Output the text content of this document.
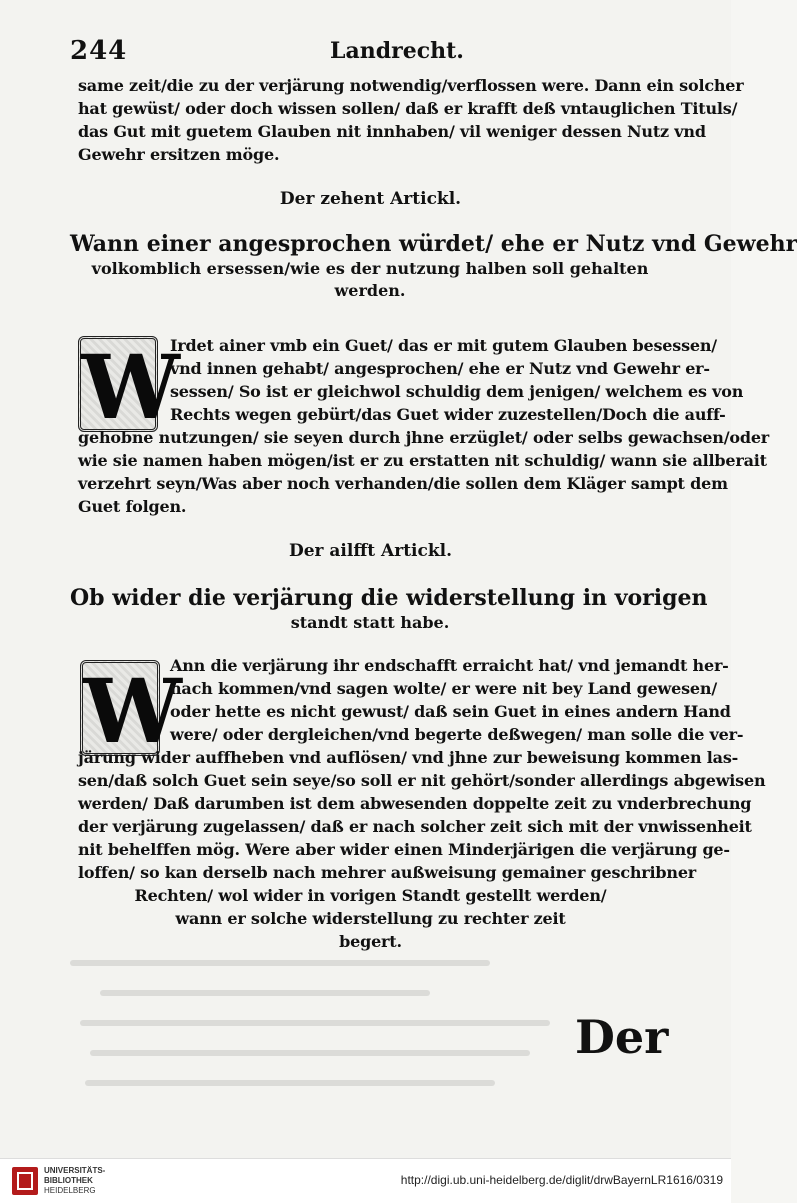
244	Landrecht.
same zeit/die zu der verjärung notwendig/verflossen were. Dann ein solcher
hat gewüst/ oder doch wissen sollen/ daß er krafft deß vntauglichen Tituls/
das Gut mit guetem Glauben nit innhaben/ vil weniger dessen Nutz vnd
Gewehr ersitzen möge.
Der zehent Artickl.
Wann einer angesprochen würdet/ ehe er Nutz vnd Gewehr
volkomblich ersessen/wie es der nutzung halben soll gehalten
werden.
W
Irdet ainer vmb ein Guet/ das er mit gutem Glauben besessen/
vnd innen gehabt/ angesprochen/ ehe er Nutz vnd Gewehr er-
sessen/ So ist er gleichwol schuldig dem jenigen/ welchem es von
Rechts wegen gebürt/das Guet wider zuzestellen/Doch die auff-
gehobne nutzungen/ sie seyen durch jhne erzüglet/ oder selbs gewachsen/oder
wie sie namen haben mögen/ist er zu erstatten nit schuldig/ wann sie allberait
verzehrt seyn/Was aber noch verhanden/die sollen dem Kläger sampt dem
Guet folgen.
Der ailfft Artickl.
Ob wider die verjärung die widerstellung in vorigen
standt statt habe.
W
Ann die verjärung ihr endschafft erraicht hat/ vnd jemandt her-
nach kommen/vnd sagen wolte/ er were nit bey Land gewesen/
oder hette es nicht gewust/ daß sein Guet in eines andern Hand
were/ oder dergleichen/vnd begerte deßwegen/ man solle die ver-
järung wider auffheben vnd auflösen/ vnd jhne zur beweisung kommen las-
sen/daß solch Guet sein seye/so soll er nit gehört/sonder allerdings abgewisen
werden/ Daß darumben ist dem abwesenden doppelte zeit zu vnderbrechung
der verjärung zugelassen/ daß er nach solcher zeit sich mit der vnwissenheit
nit behelffen mög. Were aber wider einen Minderjärigen die verjärung ge-
loffen/ so kan derselb nach mehrer außweisung gemainer geschribner
Rechten/ wol wider in vorigen Standt gestellt werden/
wann er solche widerstellung zu rechter zeit
begert.
Der
UNIVERSITÄTS-
BIBLIOTHEK
HEIDELBERG
http://digi.ub.uni-heidelberg.de/diglit/drwBayernLR1616/0319
